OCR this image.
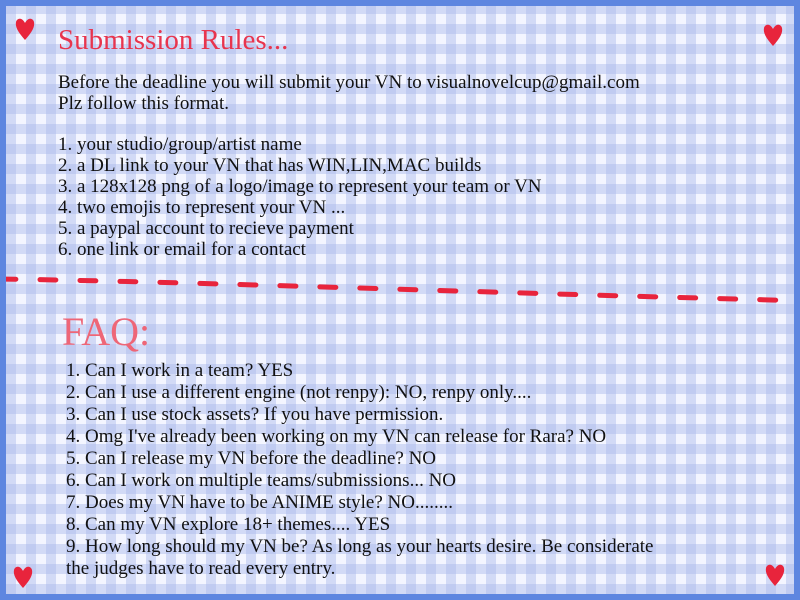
Submission Rules...
Before the deadline you will submit your VN to visualnovelcup@gmail.com
Plz follow this format.
1. your studio/group/artist name
2. a DL link to your VN that has WIN,LIN,MAC builds
3. a 128x128 png of a logo/image to represent your team or VN
4. two emojis to represent your VN ...
5. a paypal account to recieve payment
6. one link or email for a contact
FAQ:
1. Can I work in a team? YES
2. Can I use a different engine (not renpy): NO, renpy only....
3. Can I use stock assets? If you have permission.
4. Omg I've already been working on my VN can release for Rara? NO
5. Can I release my VN before the deadline? NO
6. Can I work on multiple teams/submissions... NO
7. Does my VN have to be ANIME style? NO........
8. Can my VN explore 18+ themes.... YES
9. How long should my VN be? As long as your hearts desire. Be considerate
the judges have to read every entry.
